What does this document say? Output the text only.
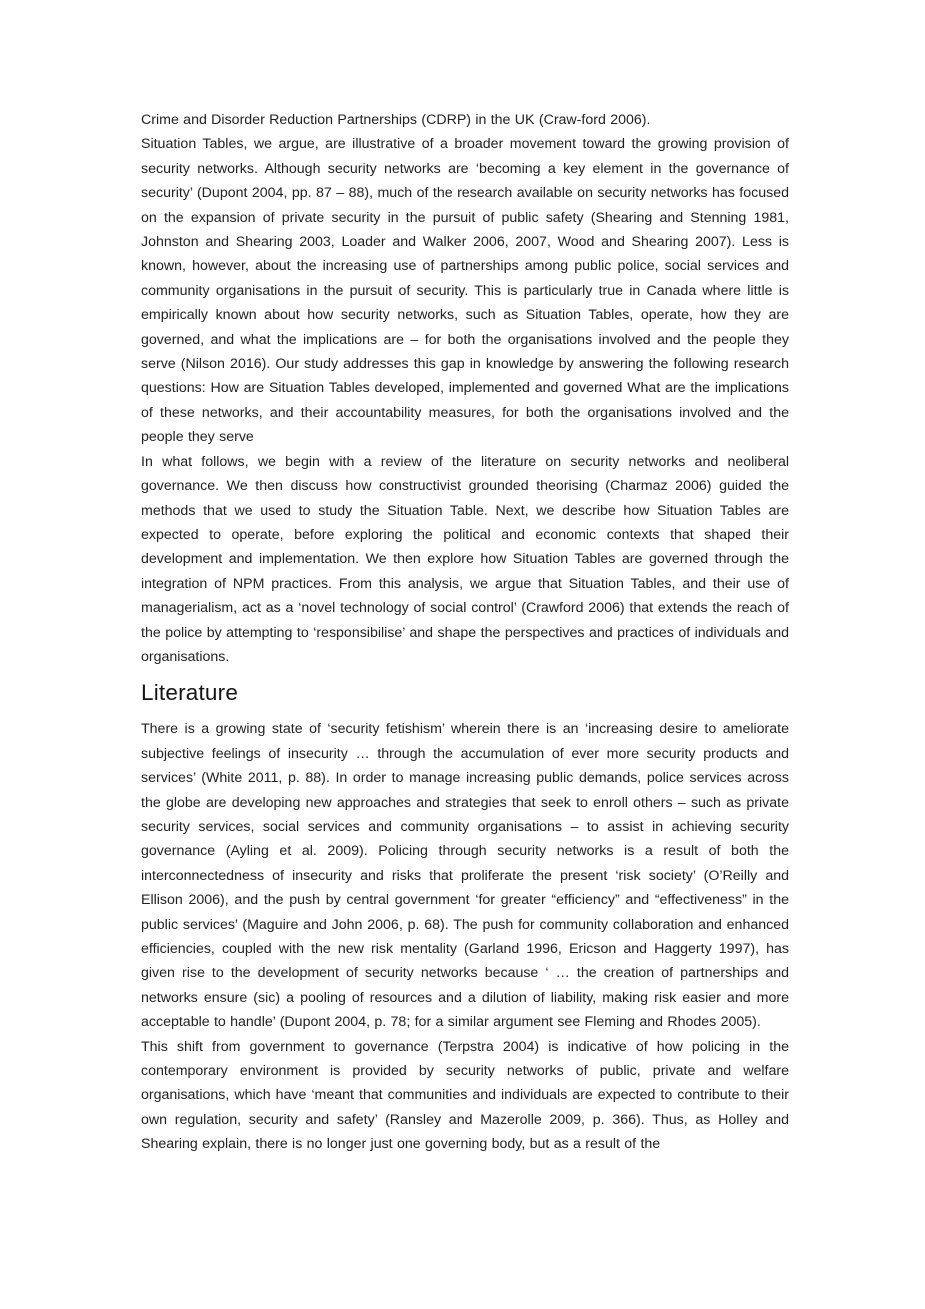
Crime and Disorder Reduction Partnerships (CDRP) in the UK (Craw-ford 2006).

Situation Tables, we argue, are illustrative of a broader movement toward the growing provision of security networks. Although security networks are ‘becoming a key element in the governance of security’ (Dupont 2004, pp. 87 – 88), much of the research available on security networks has focused on the expansion of private security in the pursuit of public safety (Shearing and Stenning 1981, Johnston and Shearing 2003, Loader and Walker 2006, 2007, Wood and Shearing 2007). Less is known, however, about the increasing use of partnerships among public police, social services and community organisations in the pursuit of security. This is particularly true in Canada where little is empirically known about how security networks, such as Situation Tables, operate, how they are governed, and what the implications are – for both the organisations involved and the people they serve (Nilson 2016). Our study addresses this gap in knowledge by answering the following research questions: How are Situation Tables developed, implemented and governed What are the implications of these networks, and their accountability measures, for both the organisations involved and the people they serve

In what follows, we begin with a review of the literature on security networks and neoliberal governance. We then discuss how constructivist grounded theorising (Charmaz 2006) guided the methods that we used to study the Situation Table. Next, we describe how Situation Tables are expected to operate, before exploring the political and economic contexts that shaped their development and implementation. We then explore how Situation Tables are governed through the integration of NPM practices. From this analysis, we argue that Situation Tables, and their use of managerialism, act as a ‘novel technology of social control’ (Crawford 2006) that extends the reach of the police by attempting to ‘responsibilise’ and shape the perspectives and practices of individuals and organisations.

Literature

There is a growing state of ‘security fetishism’ wherein there is an ‘increasing desire to ameliorate subjective feelings of insecurity … through the accumulation of ever more security products and services’ (White 2011, p. 88). In order to manage increasing public demands, police services across the globe are developing new approaches and strategies that seek to enroll others – such as private security services, social services and community organisations – to assist in achieving security governance (Ayling et al. 2009). Policing through security networks is a result of both the interconnectedness of insecurity and risks that proliferate the present ‘risk society’ (O’Reilly and Ellison 2006), and the push by central government ‘for greater “efficiency” and “effectiveness” in the public services’ (Maguire and John 2006, p. 68). The push for community collaboration and enhanced efficiencies, coupled with the new risk mentality (Garland 1996, Ericson and Haggerty 1997), has given rise to the development of security networks because ‘ … the creation of partnerships and networks ensure (sic) a pooling of resources and a dilution of liability, making risk easier and more acceptable to handle’ (Dupont 2004, p. 78; for a similar argument see Fleming and Rhodes 2005).

This shift from government to governance (Terpstra 2004) is indicative of how policing in the contemporary environment is provided by security networks of public, private and welfare organisations, which have ‘meant that communities and individuals are expected to contribute to their own regulation, security and safety’ (Ransley and Mazerolle 2009, p. 366). Thus, as Holley and Shearing explain, there is no longer just one governing body, but as a result of the
